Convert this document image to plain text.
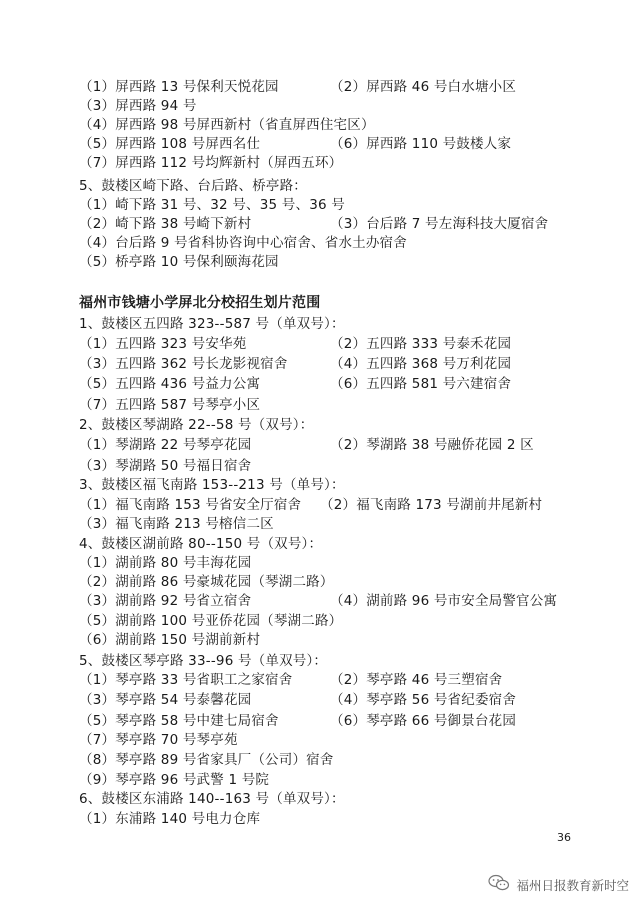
（1）屏西路 13 号保利天悦花园	（2）屏西路 46 号白水塘小区
（3）屏西路 94 号
（4）屏西路 98 号屏西新村（省直屏西住宅区）
（5）屏西路 108 号屏西名仕	（6）屏西路 110 号鼓楼人家
（7）屏西路 112 号均辉新村（屏西五环）
5、鼓楼区崎下路、台后路、桥亭路：
（1）崎下路 31 号、32 号、35 号、36 号
（2）崎下路 38 号崎下新村	（3）台后路 7 号左海科技大厦宿舍
（4）台后路 9 号省科协咨询中心宿舍、省水土办宿舍
（5）桥亭路 10 号保利颐海花园
福州市钱塘小学屏北分校招生划片范围
1、鼓楼区五四路 323--587 号（单双号）：
（1）五四路 323 号安华苑	（2）五四路 333 号泰禾花园
（3）五四路 362 号长龙影视宿舍	（4）五四路 368 号万利花园
（5）五四路 436 号益力公寓	（6）五四路 581 号六建宿舍
（7）五四路 587 号琴亭小区
2、鼓楼区琴湖路 22--58 号（双号）：
（1）琴湖路 22 号琴亭花园	（2）琴湖路 38 号融侨花园 2 区
（3）琴湖路 50 号福日宿舍
3、鼓楼区福飞南路 153--213 号（单号）：
（1）福飞南路 153 号省安全厅宿舍 （2）福飞南路 173 号湖前井尾新村
（3）福飞南路 213 号榕信二区
4、鼓楼区湖前路 80--150 号（双号）：
（1）湖前路 80 号丰海花园
（2）湖前路 86 号豪城花园（琴湖二路）
（3）湖前路 92 号省立宿舍	（4）湖前路 96 号市安全局警官公寓
（5）湖前路 100 号亚侨花园（琴湖二路）
（6）湖前路 150 号湖前新村
5、鼓楼区琴亭路 33--96 号（单双号）：
（1）琴亭路 33 号省职工之家宿舍	（2）琴亭路 46 号三塑宿舍
（3）琴亭路 54 号泰馨花园	（4）琴亭路 56 号省纪委宿舍
（5）琴亭路 58 号中建七局宿舍	（6）琴亭路 66 号御景台花园
（7）琴亭路 70 号琴亭苑
（8）琴亭路 89 号省家具厂（公司）宿舍
（9）琴亭路 96 号武警 1 号院
6、鼓楼区东浦路 140--163 号（单双号）：
（1）东浦路 140 号电力仓库
36
福州日报教育新时空
